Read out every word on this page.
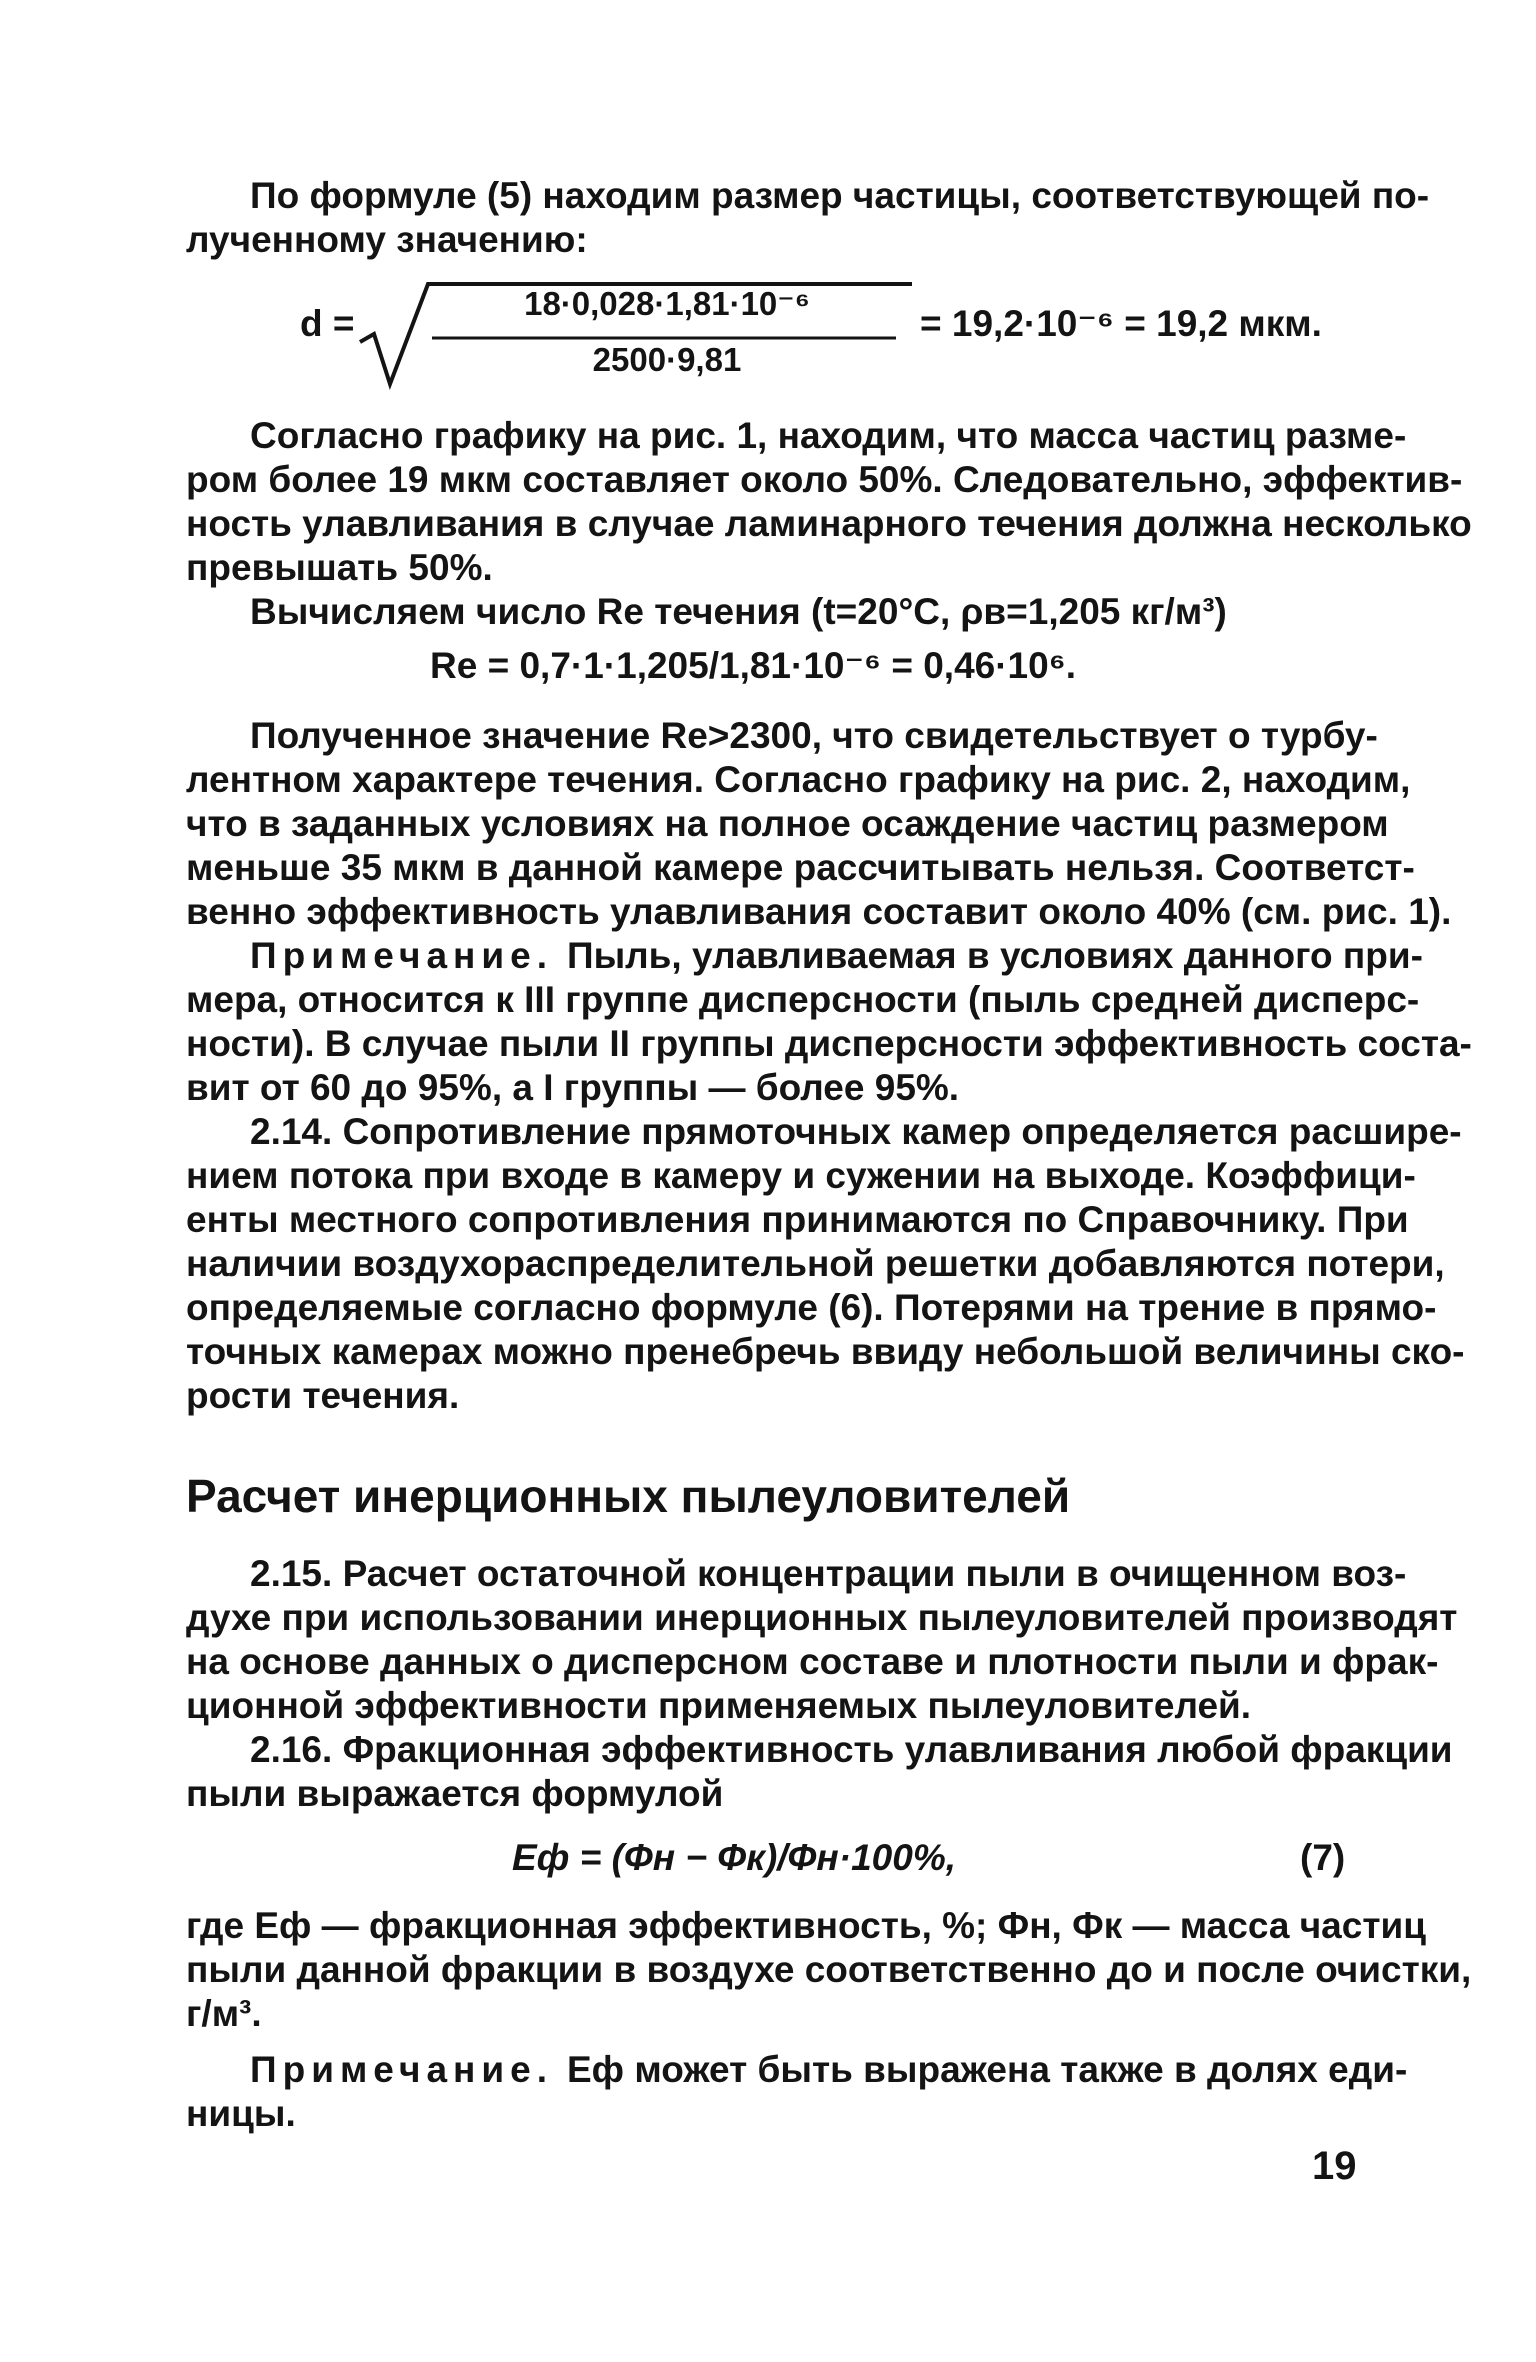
По формуле (5) находим размер частицы, соответствующей по-
лученному значению:
d =	18·0,028·1,81·10⁻⁶
2500·9,81
= 19,2·10⁻⁶ = 19,2 мкм.
Согласно графику на рис. 1, находим, что масса частиц разме-
ром более 19 мкм составляет около 50%. Следовательно, эффектив-
ность улавливания в случае ламинарного течения должна несколько
превышать 50%.
Вычисляем число Re течения (t=20°С, ρв=1,205 кг/м³)
Re = 0,7·1·1,205/1,81·10⁻⁶ = 0,46·10⁶.
Полученное значение Re>2300, что свидетельствует о турбу-
лентном характере течения. Согласно графику на рис. 2, находим,
что в заданных условиях на полное осаждение частиц размером
меньше 35 мкм в данной камере рассчитывать нельзя. Соответст-
венно эффективность улавливания составит около 40% (см. рис. 1).
Примечание. Пыль, улавливаемая в условиях данного при-
мера, относится к III группе дисперсности (пыль средней дисперс-
ности). В случае пыли II группы дисперсности эффективность соста-
вит от 60 до 95%, а I группы — более 95%.
2.14. Сопротивление прямоточных камер определяется расшире-
нием потока при входе в камеру и сужении на выходе. Коэффици-
енты местного сопротивления принимаются по Справочнику. При
наличии воздухораспределительной решетки добавляются потери,
определяемые согласно формуле (6). Потерями на трение в прямо-
точных камерах можно пренебречь ввиду небольшой величины ско-
рости течения.
Расчет инерционных пылеуловителей
2.15. Расчет остаточной концентрации пыли в очищенном воз-
духе при использовании инерционных пылеуловителей производят
на основе данных о дисперсном составе и плотности пыли и фрак-
ционной эффективности применяемых пылеуловителей.
2.16. Фракционная эффективность улавливания любой фракции
пыли выражается формулой
Eф = (Фн − Фк)/Фн·100%,	(7)
где Eф — фракционная эффективность, %; Фн, Фк — масса частиц
пыли данной фракции в воздухе соответственно до и после очистки,
г/м³.
Примечание. Eф может быть выражена также в долях еди-
ницы.
19
